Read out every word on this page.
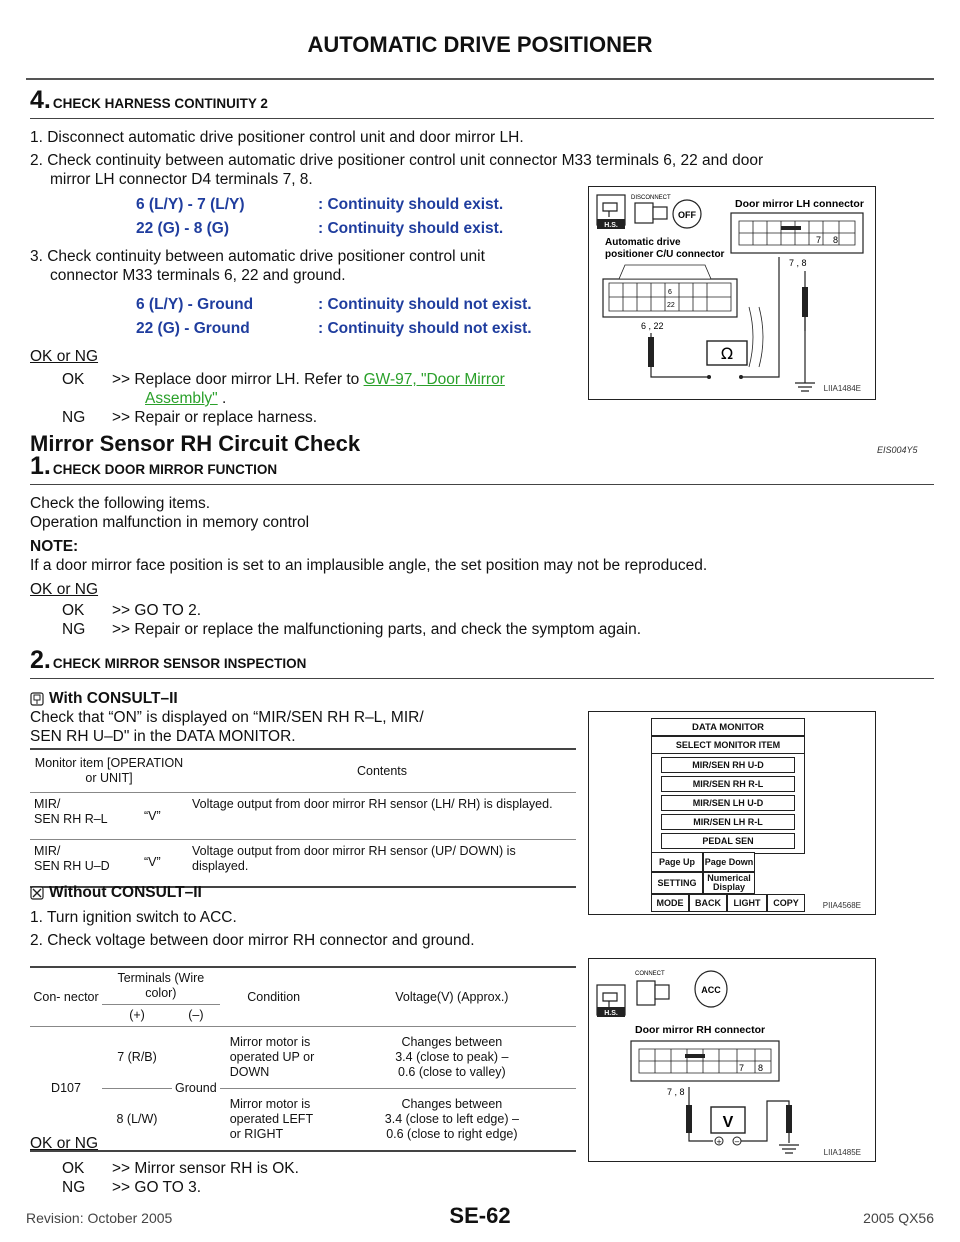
AUTOMATIC DRIVE POSITIONER
4. CHECK HARNESS CONTINUITY 2
1. Disconnect automatic drive positioner control unit and door mirror LH.
2. Check continuity between automatic drive positioner control unit connector M33 terminals 6, 22 and door
mirror LH connector D4 terminals 7, 8.
6 (L/Y) - 7 (L/Y)	: Continuity should exist.
22 (G) - 8 (G)	: Continuity should exist.
3. Check continuity between automatic drive positioner control unit
connector M33 terminals 6, 22 and ground.
6 (L/Y) - Ground	: Continuity should not exist.
22 (G) - Ground	: Continuity should not exist.
OK or NG
OK >> Replace door mirror LH. Refer to GW-97, "Door Mirror
Assembly" .
NG >> Repair or replace harness.
H.S.
DISCONNECT
OFF
Door mirror LH connector
Automatic drive
positioner C/U connector
7 8
7 , 8
6
22
6 , 22
Ω
LIIA1484E
Mirror Sensor RH Circuit Check	EIS004Y5
1. CHECK DOOR MIRROR FUNCTION
Check the following items.
Operation malfunction in memory control
NOTE:
If a door mirror face position is set to an implausible angle, the set position may not be reproduced.
OK or NG
OK >> GO TO 2.
NG >> Repair or replace the malfunctioning parts, and check the symptom again.
2. CHECK MIRROR SENSOR INSPECTION
With CONSULT–II
Check that “ON” is displayed on “MIR/SEN RH R–L, MIR/
SEN RH U–D" in the DATA MONITOR.
Monitor item [OPERATION or UNIT]		Contents
MIR/
SEN RH R–L	“V”	Voltage output from door mirror RH sensor (LH/ RH) is displayed.
MIR/
SEN RH U–D	“V”	Voltage output from door mirror RH sensor (UP/ DOWN) is displayed.
DATA MONITOR
SELECT MONITOR ITEM
MIR/SEN RH U-D
MIR/SEN RH R-L
MIR/SEN LH U-D
MIR/SEN LH R-L
PEDAL SEN
Page Up	Page Down
SETTING	Numerical
Display
MODE	BACK	LIGHT	COPY	PIIA4568E
Without CONSULT–II
1. Turn ignition switch to ACC.
2. Check voltage between door mirror RH connector and ground.
Con- nector	Terminals (Wire color)		Condition	Voltage(V) (Approx.)
	(+)	(–)		
D107	7 (R/B)	Ground	Mirror motor is operated UP or DOWN	Changes between
3.4 (close to peak) –
0.6 (close to valley)
	8 (L/W)		Mirror motor is operated LEFT or RIGHT	Changes between
3.4 (close to left edge) –
0.6 (close to right edge)
H.S.
CONNECT
ACC
Door mirror RH connector
7 8
7 , 8
V
+ −
LIIA1485E
OK or NG
OK >> Mirror sensor RH is OK.
NG >> GO TO 3.
Revision: October 2005	SE-62	2005 QX56
